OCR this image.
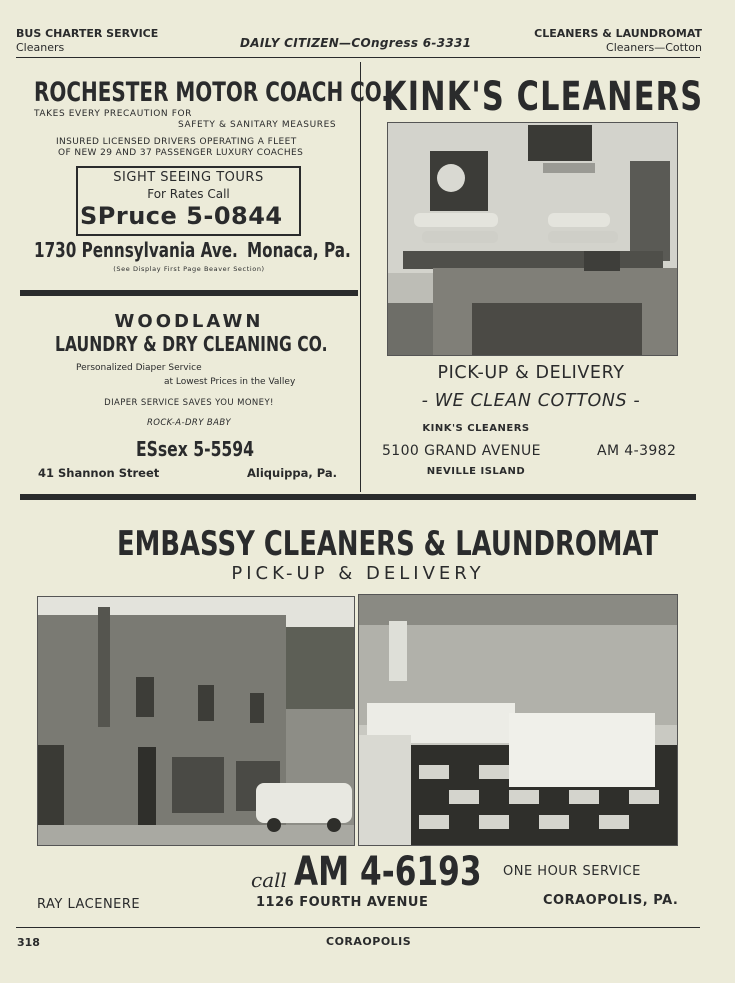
BUS CHARTER SERVICE
Cleaners	DAILY CITIZEN—COngress 6-3331
CLEANERS & LAUNDROMAT
Cleaners—Cotton
ROCHESTER MOTOR COACH CO.
TAKES EVERY PRECAUTION FOR
SAFETY & SANITARY MEASURES
INSURED LICENSED DRIVERS OPERATING A FLEET
OF NEW 29 AND 37 PASSENGER LUXURY COACHES
SIGHT SEEING TOURS
For Rates Call
SPruce 5-0844
1730 Pennsylvania Ave. Monaca, Pa.
(See Display First Page Beaver Section)
WOODLAWN
LAUNDRY & DRY CLEANING CO.
Personalized Diaper Service
at Lowest Prices in the Valley
DIAPER SERVICE SAVES YOU MONEY!
ROCK-A-DRY BABY
ESsex 5-5594
41 Shannon Street	Aliquippa, Pa.
KINK'S CLEANERS
PICK-UP & DELIVERY
- WE CLEAN COTTONS -
KINK'S CLEANERS
5100 GRAND AVENUE	AM 4-3982
NEVILLE ISLAND
EMBASSY CLEANERS & LAUNDROMAT
PICK-UP & DELIVERY
call AM 4-6193 ONE HOUR SERVICE
RAY LACENERE	1126 FOURTH AVENUE	CORAOPOLIS, PA.
318	CORAOPOLIS
